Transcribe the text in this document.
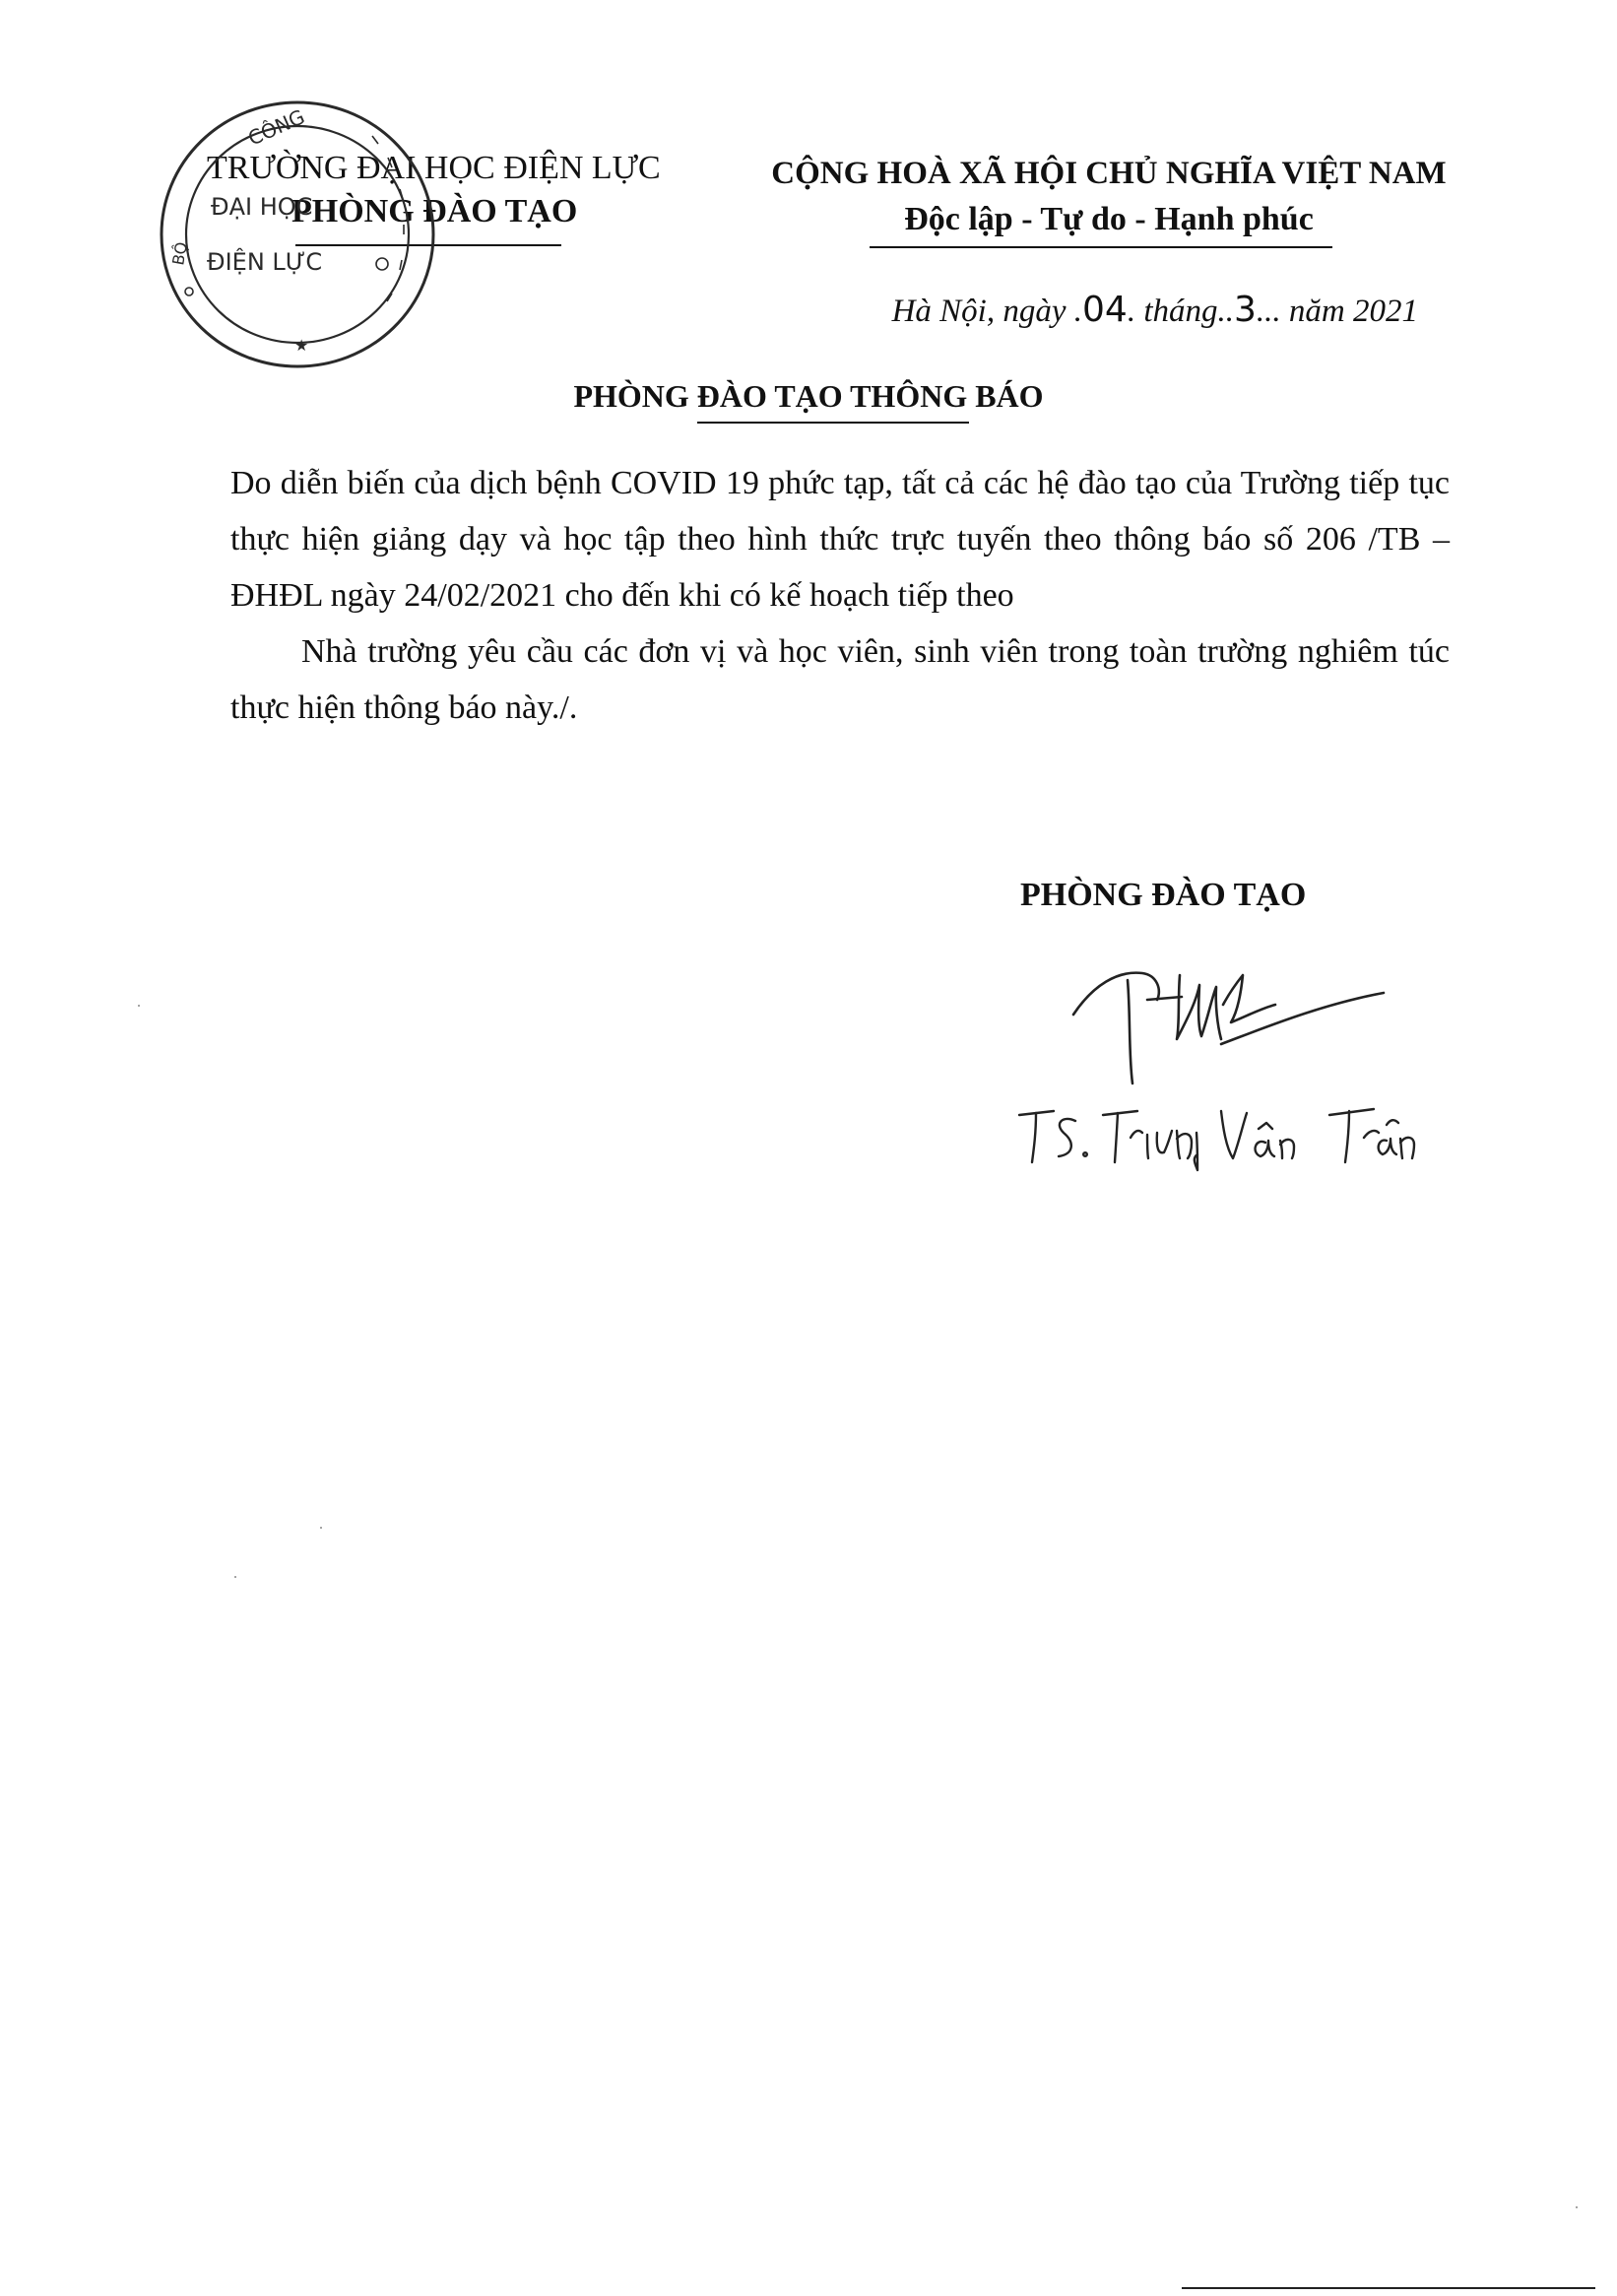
TRƯỜNG ĐẠI HỌC ĐIỆN LỰC
PHÒNG ĐÀO TẠO
CỘNG HOÀ XÃ HỘI CHỦ NGHĨA VIỆT NAM
Độc lập - Tự do - Hạnh phúc
Hà Nội, ngày .04. tháng..3... năm 2021
PHÒNG ĐÀO TẠO THÔNG BÁO

Do diễn biến của dịch bệnh COVID 19 phức tạp, tất cả các hệ đào tạo của Trường tiếp tục thực hiện giảng dạy và học tập theo hình thức trực tuyến theo thông báo số 206 /TB – ĐHĐL ngày 24/02/2021 cho đến khi có kế hoạch tiếp theo

Nhà trường yêu cầu các đơn vị và học viên, sinh viên trong toàn trường nghiêm túc thực hiện thông báo này./.

PHÒNG ĐÀO TẠO
CÔNG
BỘ
ĐẠI HỌC
ĐIỆN LỰC
★
